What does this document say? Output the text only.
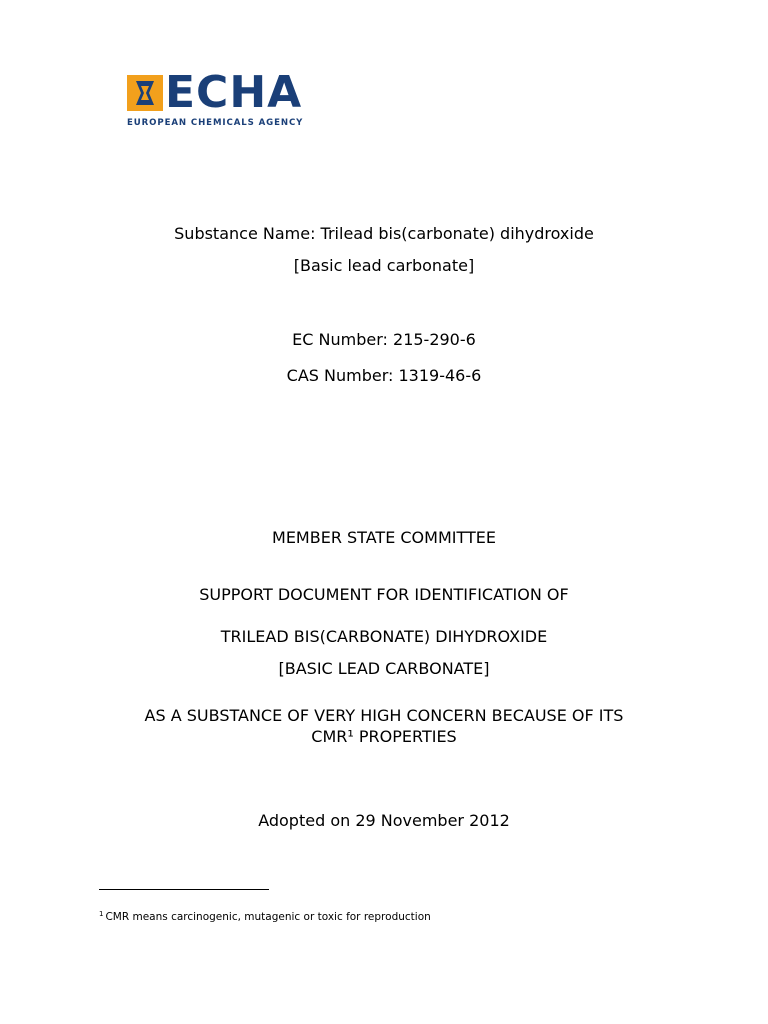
ECHA
EUROPEAN CHEMICALS AGENCY
Substance Name: Trilead bis(carbonate) dihydroxide
[Basic lead carbonate]
EC Number: 215-290-6
CAS Number: 1319-46-6
MEMBER STATE COMMITTEE
SUPPORT DOCUMENT FOR IDENTIFICATION OF
TRILEAD BIS(CARBONATE) DIHYDROXIDE
[BASIC LEAD CARBONATE]
AS A SUBSTANCE OF VERY HIGH CONCERN BECAUSE OF ITS
CMR¹ PROPERTIES
Adopted on 29 November 2012
$^1$ CMR means carcinogenic, mutagenic or toxic for reproduction
